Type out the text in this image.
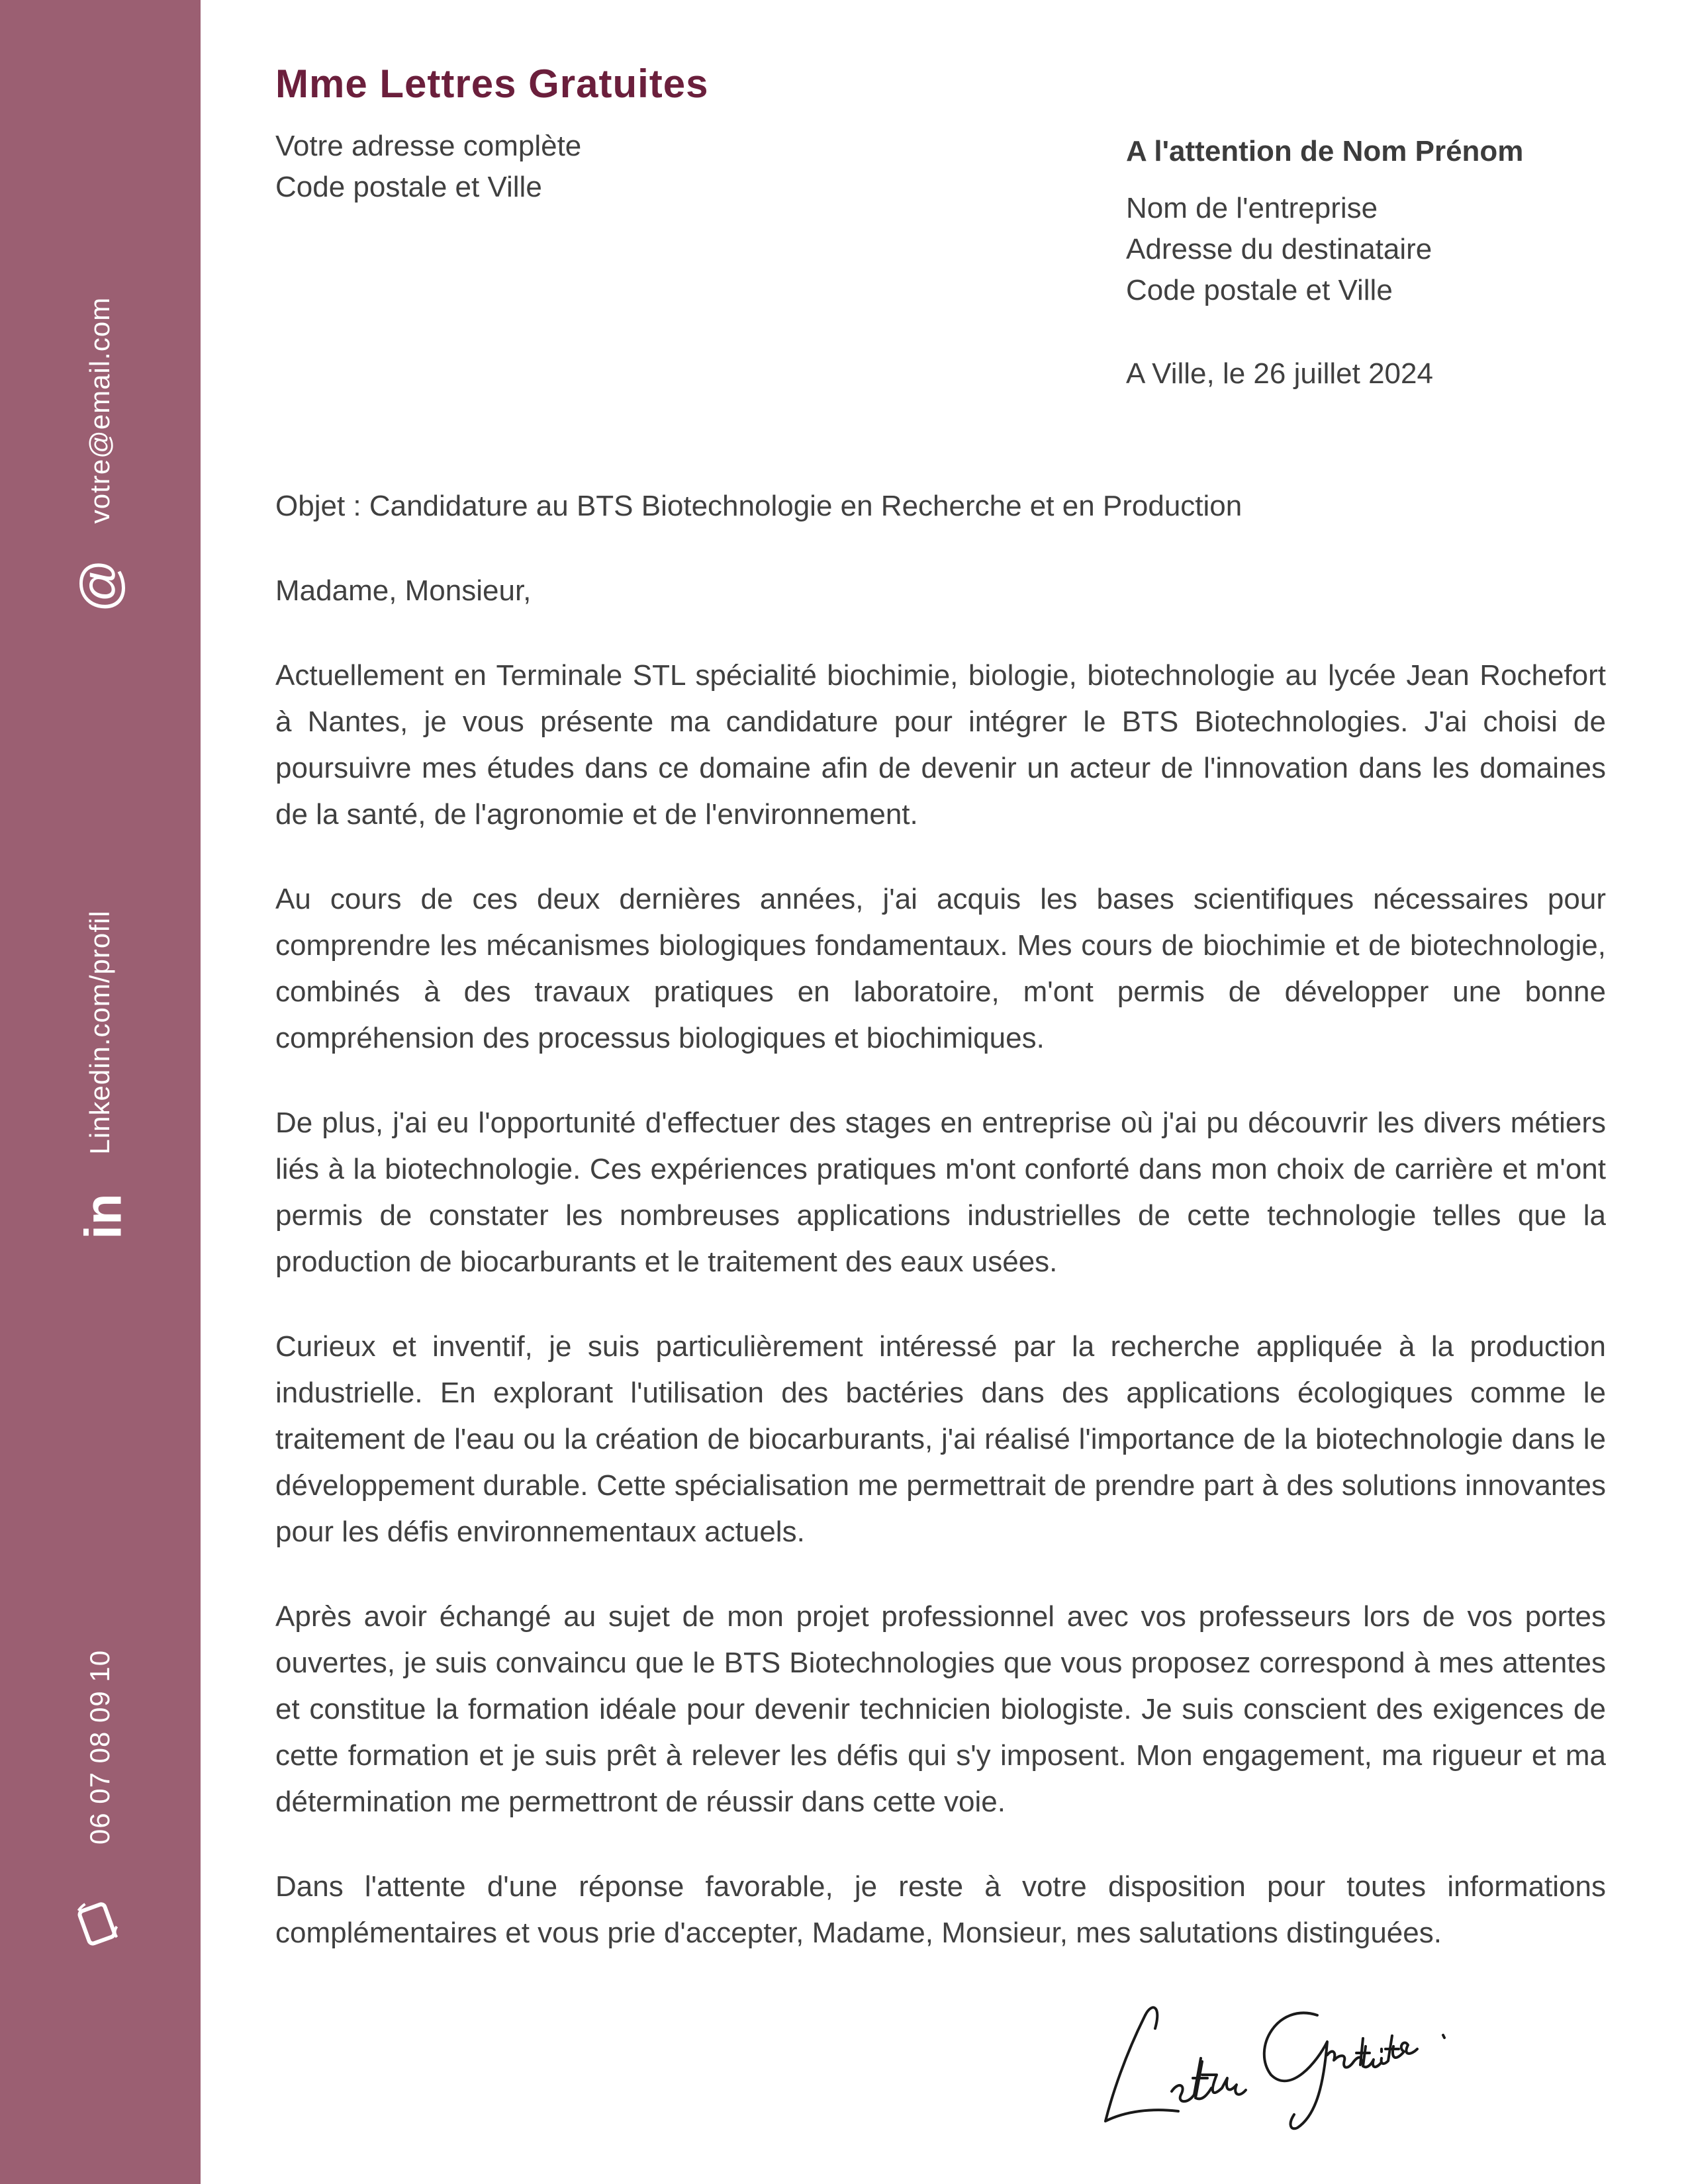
votre@email.com
@
Linkedin.com/profil
in
06 07 08 09 10
Mme Lettres Gratuites
Votre adresse complète
Code postale et Ville
A l'attention de Nom Prénom
Nom de l'entreprise
Adresse du destinataire
Code postale et Ville
A Ville, le 26 juillet 2024

Objet : Candidature au BTS Biotechnologie en Recherche et en Production

Madame, Monsieur,

Actuellement en Terminale STL spécialité biochimie, biologie, biotechnologie au lycée Jean Rochefort à Nantes, je vous présente ma candidature pour intégrer le BTS Biotechnologies. J'ai choisi de poursuivre mes études dans ce domaine afin de devenir un acteur de l'innovation dans les domaines de la santé, de l'agronomie et de l'environnement.

Au cours de ces deux dernières années, j'ai acquis les bases scientifiques nécessaires pour comprendre les mécanismes biologiques fondamentaux. Mes cours de biochimie et de biotechnologie, combinés à des travaux pratiques en laboratoire, m'ont permis de développer une bonne compréhension des processus biologiques et biochimiques.

De plus, j'ai eu l'opportunité d'effectuer des stages en entreprise où j'ai pu découvrir les divers métiers liés à la biotechnologie. Ces expériences pratiques m'ont conforté dans mon choix de carrière et m'ont permis de constater les nombreuses applications industrielles de cette technologie telles que la production de biocarburants et le traitement des eaux usées.

Curieux et inventif, je suis particulièrement intéressé par la recherche appliquée à la production industrielle. En explorant l'utilisation des bactéries dans des applications écologiques comme le traitement de l'eau ou la création de biocarburants, j'ai réalisé l'importance de la biotechnologie dans le développement durable. Cette spécialisation me permettrait de prendre part à des solutions innovantes pour les défis environnementaux actuels.

Après avoir échangé au sujet de mon projet professionnel avec vos professeurs lors de vos portes ouvertes, je suis convaincu que le BTS Biotechnologies que vous proposez correspond à mes attentes et constitue la formation idéale pour devenir technicien biologiste. Je suis conscient des exigences de cette formation et je suis prêt à relever les défis qui s'y imposent. Mon engagement, ma rigueur et ma détermination me permettront de réussir dans cette voie.

Dans l'attente d'une réponse favorable, je reste à votre disposition pour toutes informations complémentaires et vous prie d'accepter, Madame, Monsieur, mes salutations distinguées.
